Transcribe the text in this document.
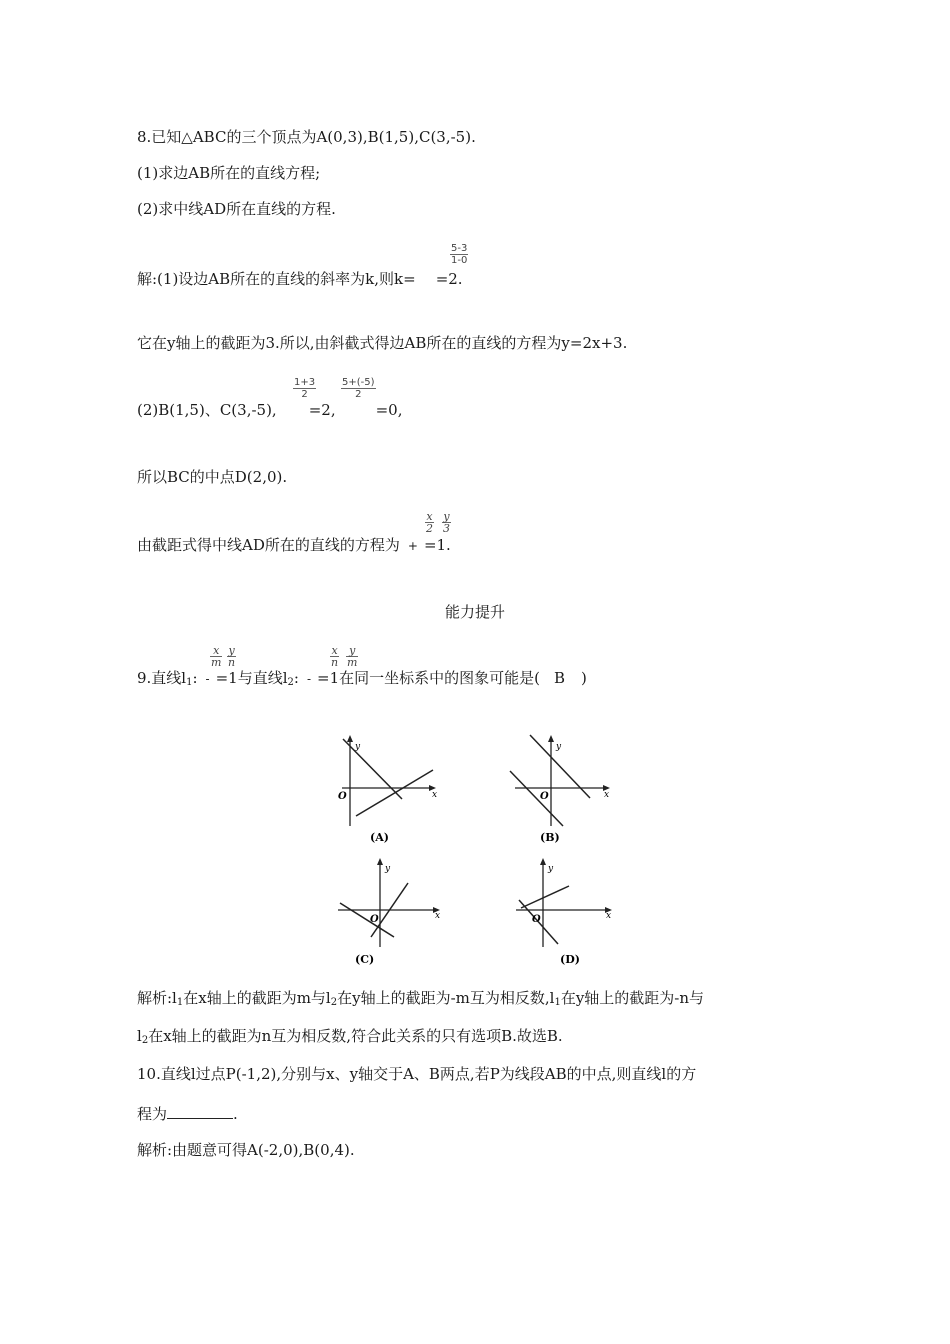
8.已知△ABC的三个顶点为A(0,3),B(1,5),C(3,-5).
(1)求边AB所在的直线方程;
(2)求中线AD所在直线的方程.
解:(1)设边AB所在的直线的斜率为k,则k= =2.
$\frac{5-3}{1-0}$
它在y轴上的截距为3.所以,由斜截式得边AB所在的直线的方程为y=2x+3.
(2)B(1,5)、C(3,-5), =2,	=0,
$\frac{1+3}{2} \frac{5+(-5)}{2}$
所以BC的中点D(2,0).
由截距式得中线AD所在的直线的方程为 + =1.
$\frac{x}{2} \frac{y}{3}$
能力提升
9.直线$l_1$: - =1与直线$l_2$: - =1在同一坐标系中的图象可能是( B )
$\frac{x}{m} \frac{y}{n}$	$\frac{x}{n} \frac{y}{m}$
y
x
O
(A)
y
x
O
(B)
y
x
O
(C)
y
x
O
(D)
解析$:l_1$在x轴上的截距为m与$l_2$在y轴上的截距为-m互为相反数$,l_1$在y轴上的截距为-n与
$l_2$在x轴上的截距为n互为相反数,符合此关系的只有选项B.故选B.
10.直线l过点P(-1,2),分别与x、y轴交于A、B两点,若P为线段AB的中点,则直线l的方
程为	.
解析:由题意可得A(-2,0),B(0,4).
